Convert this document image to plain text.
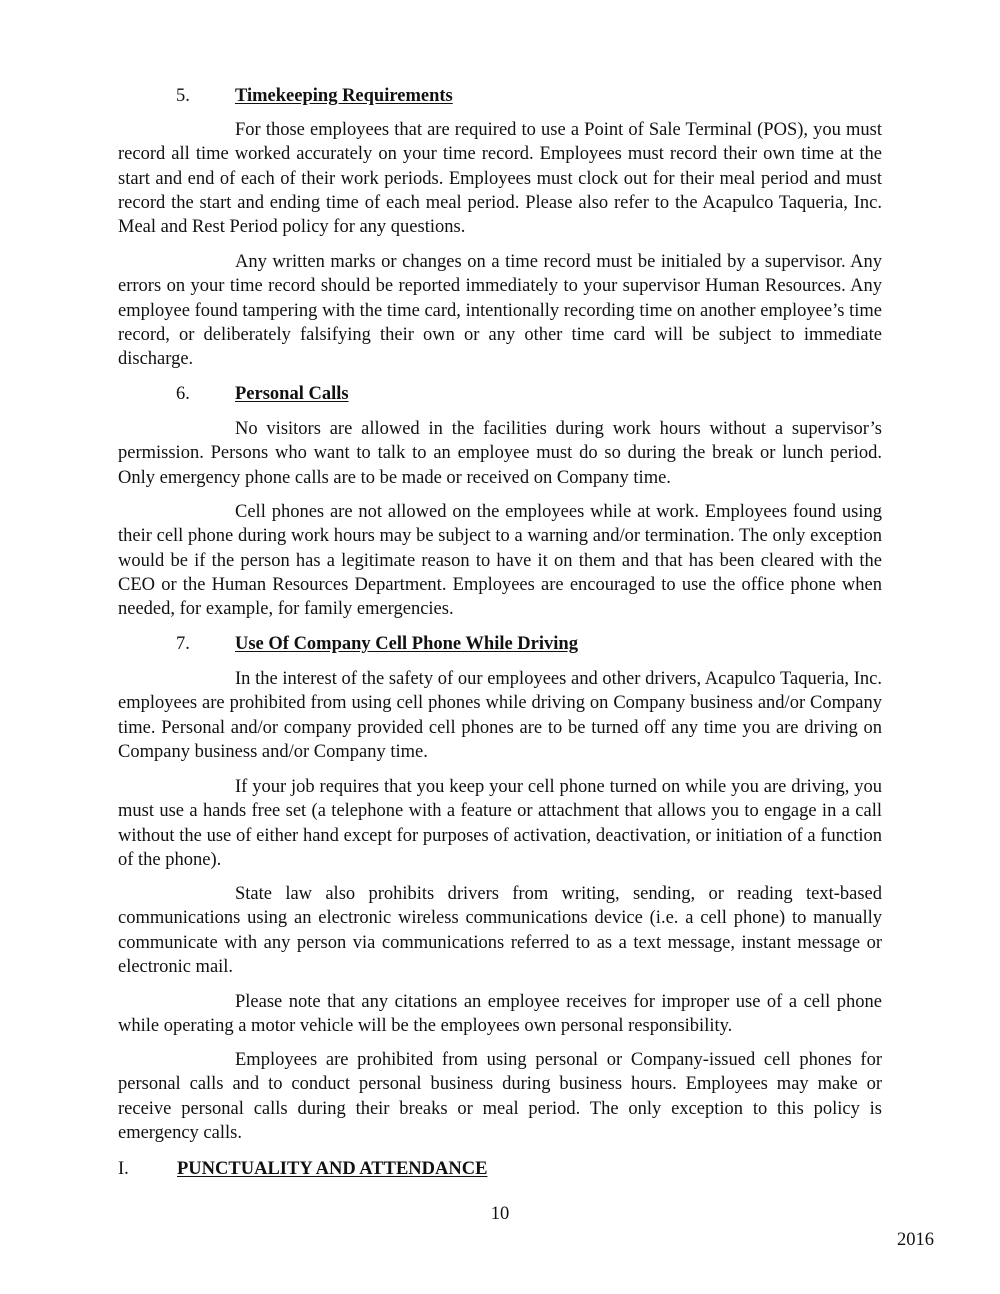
5. Timekeeping Requirements

For those employees that are required to use a Point of Sale Terminal (POS), you must record all time worked accurately on your time record. Employees must record their own time at the start and end of each of their work periods. Employees must clock out for their meal period and must record the start and ending time of each meal period. Please also refer to the Acapulco Taqueria, Inc. Meal and Rest Period policy for any questions.

Any written marks or changes on a time record must be initialed by a supervisor. Any errors on your time record should be reported immediately to your supervisor Human Resources. Any employee found tampering with the time card, intentionally recording time on another employee’s time record, or deliberately falsifying their own or any other time card will be subject to immediate discharge.

6. Personal Calls

No visitors are allowed in the facilities during work hours without a supervisor’s permission. Persons who want to talk to an employee must do so during the break or lunch period. Only emergency phone calls are to be made or received on Company time.

Cell phones are not allowed on the employees while at work. Employees found using their cell phone during work hours may be subject to a warning and/or termination. The only exception would be if the person has a legitimate reason to have it on them and that has been cleared with the CEO or the Human Resources Department. Employees are encouraged to use the office phone when needed, for example, for family emergencies.

7. Use Of Company Cell Phone While Driving

In the interest of the safety of our employees and other drivers, Acapulco Taqueria, Inc. employees are prohibited from using cell phones while driving on Company business and/or Company time. Personal and/or company provided cell phones are to be turned off any time you are driving on Company business and/or Company time.

If your job requires that you keep your cell phone turned on while you are driving, you must use a hands free set (a telephone with a feature or attachment that allows you to engage in a call without the use of either hand except for purposes of activation, deactivation, or initiation of a function of the phone).

State law also prohibits drivers from writing, sending, or reading text-based communications using an electronic wireless communications device (i.e. a cell phone) to manually communicate with any person via communications referred to as a text message, instant message or electronic mail.

Please note that any citations an employee receives for improper use of a cell phone while operating a motor vehicle will be the employees own personal responsibility.

Employees are prohibited from using personal or Company-issued cell phones for personal calls and to conduct personal business during business hours. Employees may make or receive personal calls during their breaks or meal period. The only exception to this policy is emergency calls.

I.	PUNCTUALITY AND ATTENDANCE
10
2016
